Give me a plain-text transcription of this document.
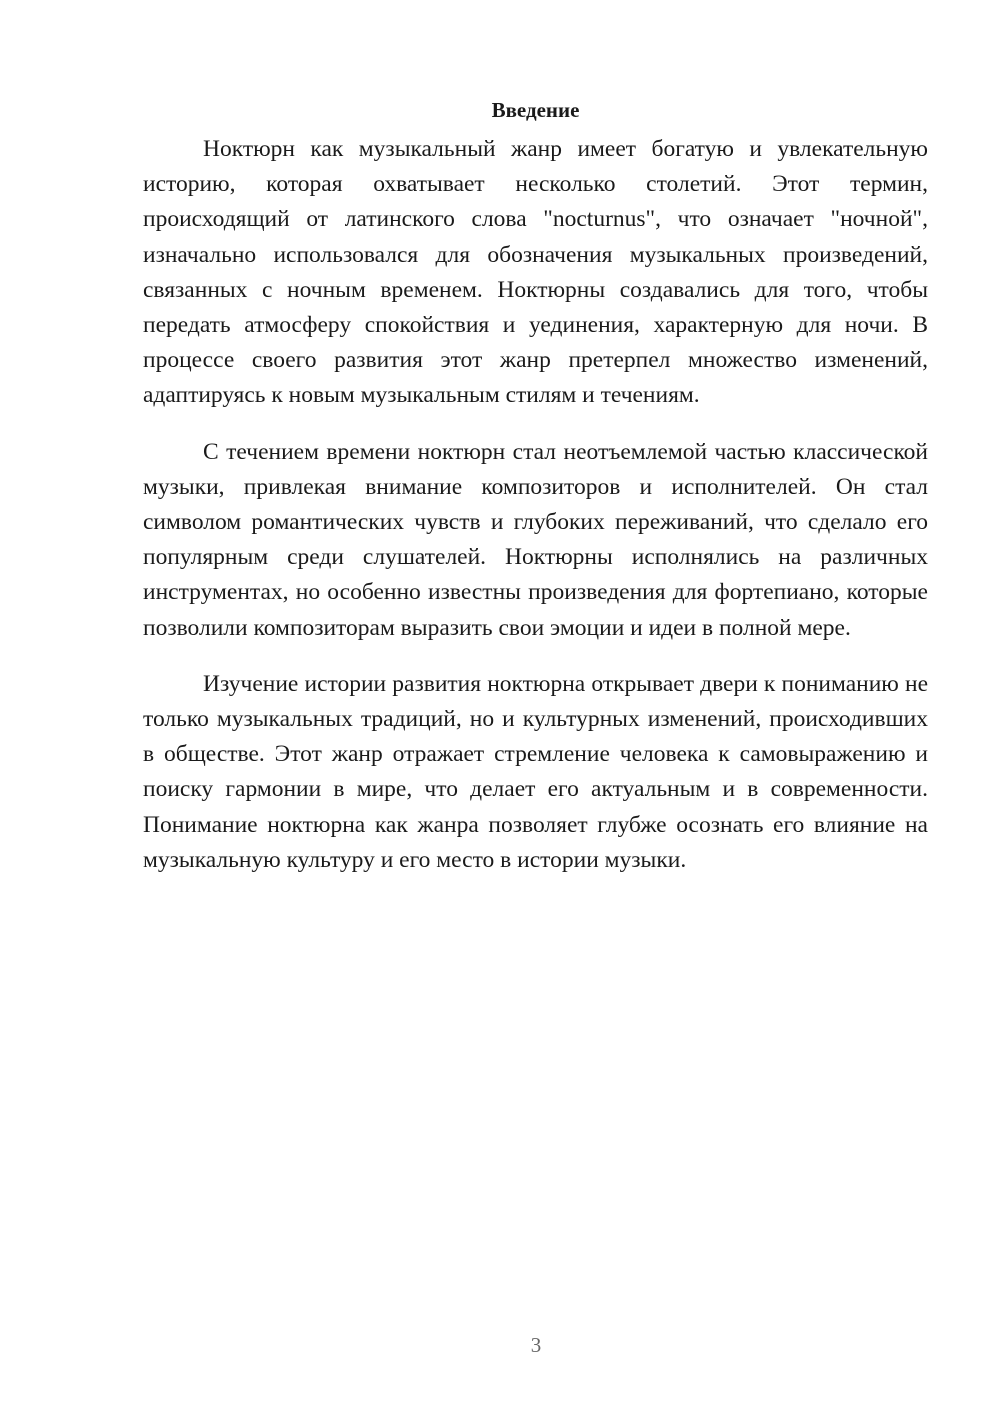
Введение

Ноктюрн как музыкальный жанр имеет богатую и увлекательную историю, которая охватывает несколько столетий. Этот термин, происходящий от латинского слова "nocturnus", что означает "ночной", изначально использовался для обозначения музыкальных произведений, связанных с ночным временем. Ноктюрны создавались для того, чтобы передать атмосферу спокойствия и уединения, характерную для ночи. В процессе своего развития этот жанр претерпел множество изменений, адаптируясь к новым музыкальным стилям и течениям.

С течением времени ноктюрн стал неотъемлемой частью классической музыки, привлекая внимание композиторов и исполнителей. Он стал символом романтических чувств и глубоких переживаний, что сделало его популярным среди слушателей. Ноктюрны исполнялись на различных инструментах, но особенно известны произведения для фортепиано, которые позволили композиторам выразить свои эмоции и идеи в полной мере.

Изучение истории развития ноктюрна открывает двери к пониманию не только музыкальных традиций, но и культурных изменений, происходивших в обществе. Этот жанр отражает стремление человека к самовыражению и поиску гармонии в мире, что делает его актуальным и в современности. Понимание ноктюрна как жанра позволяет глубже осознать его влияние на музыкальную культуру и его место в истории музыки.

3
